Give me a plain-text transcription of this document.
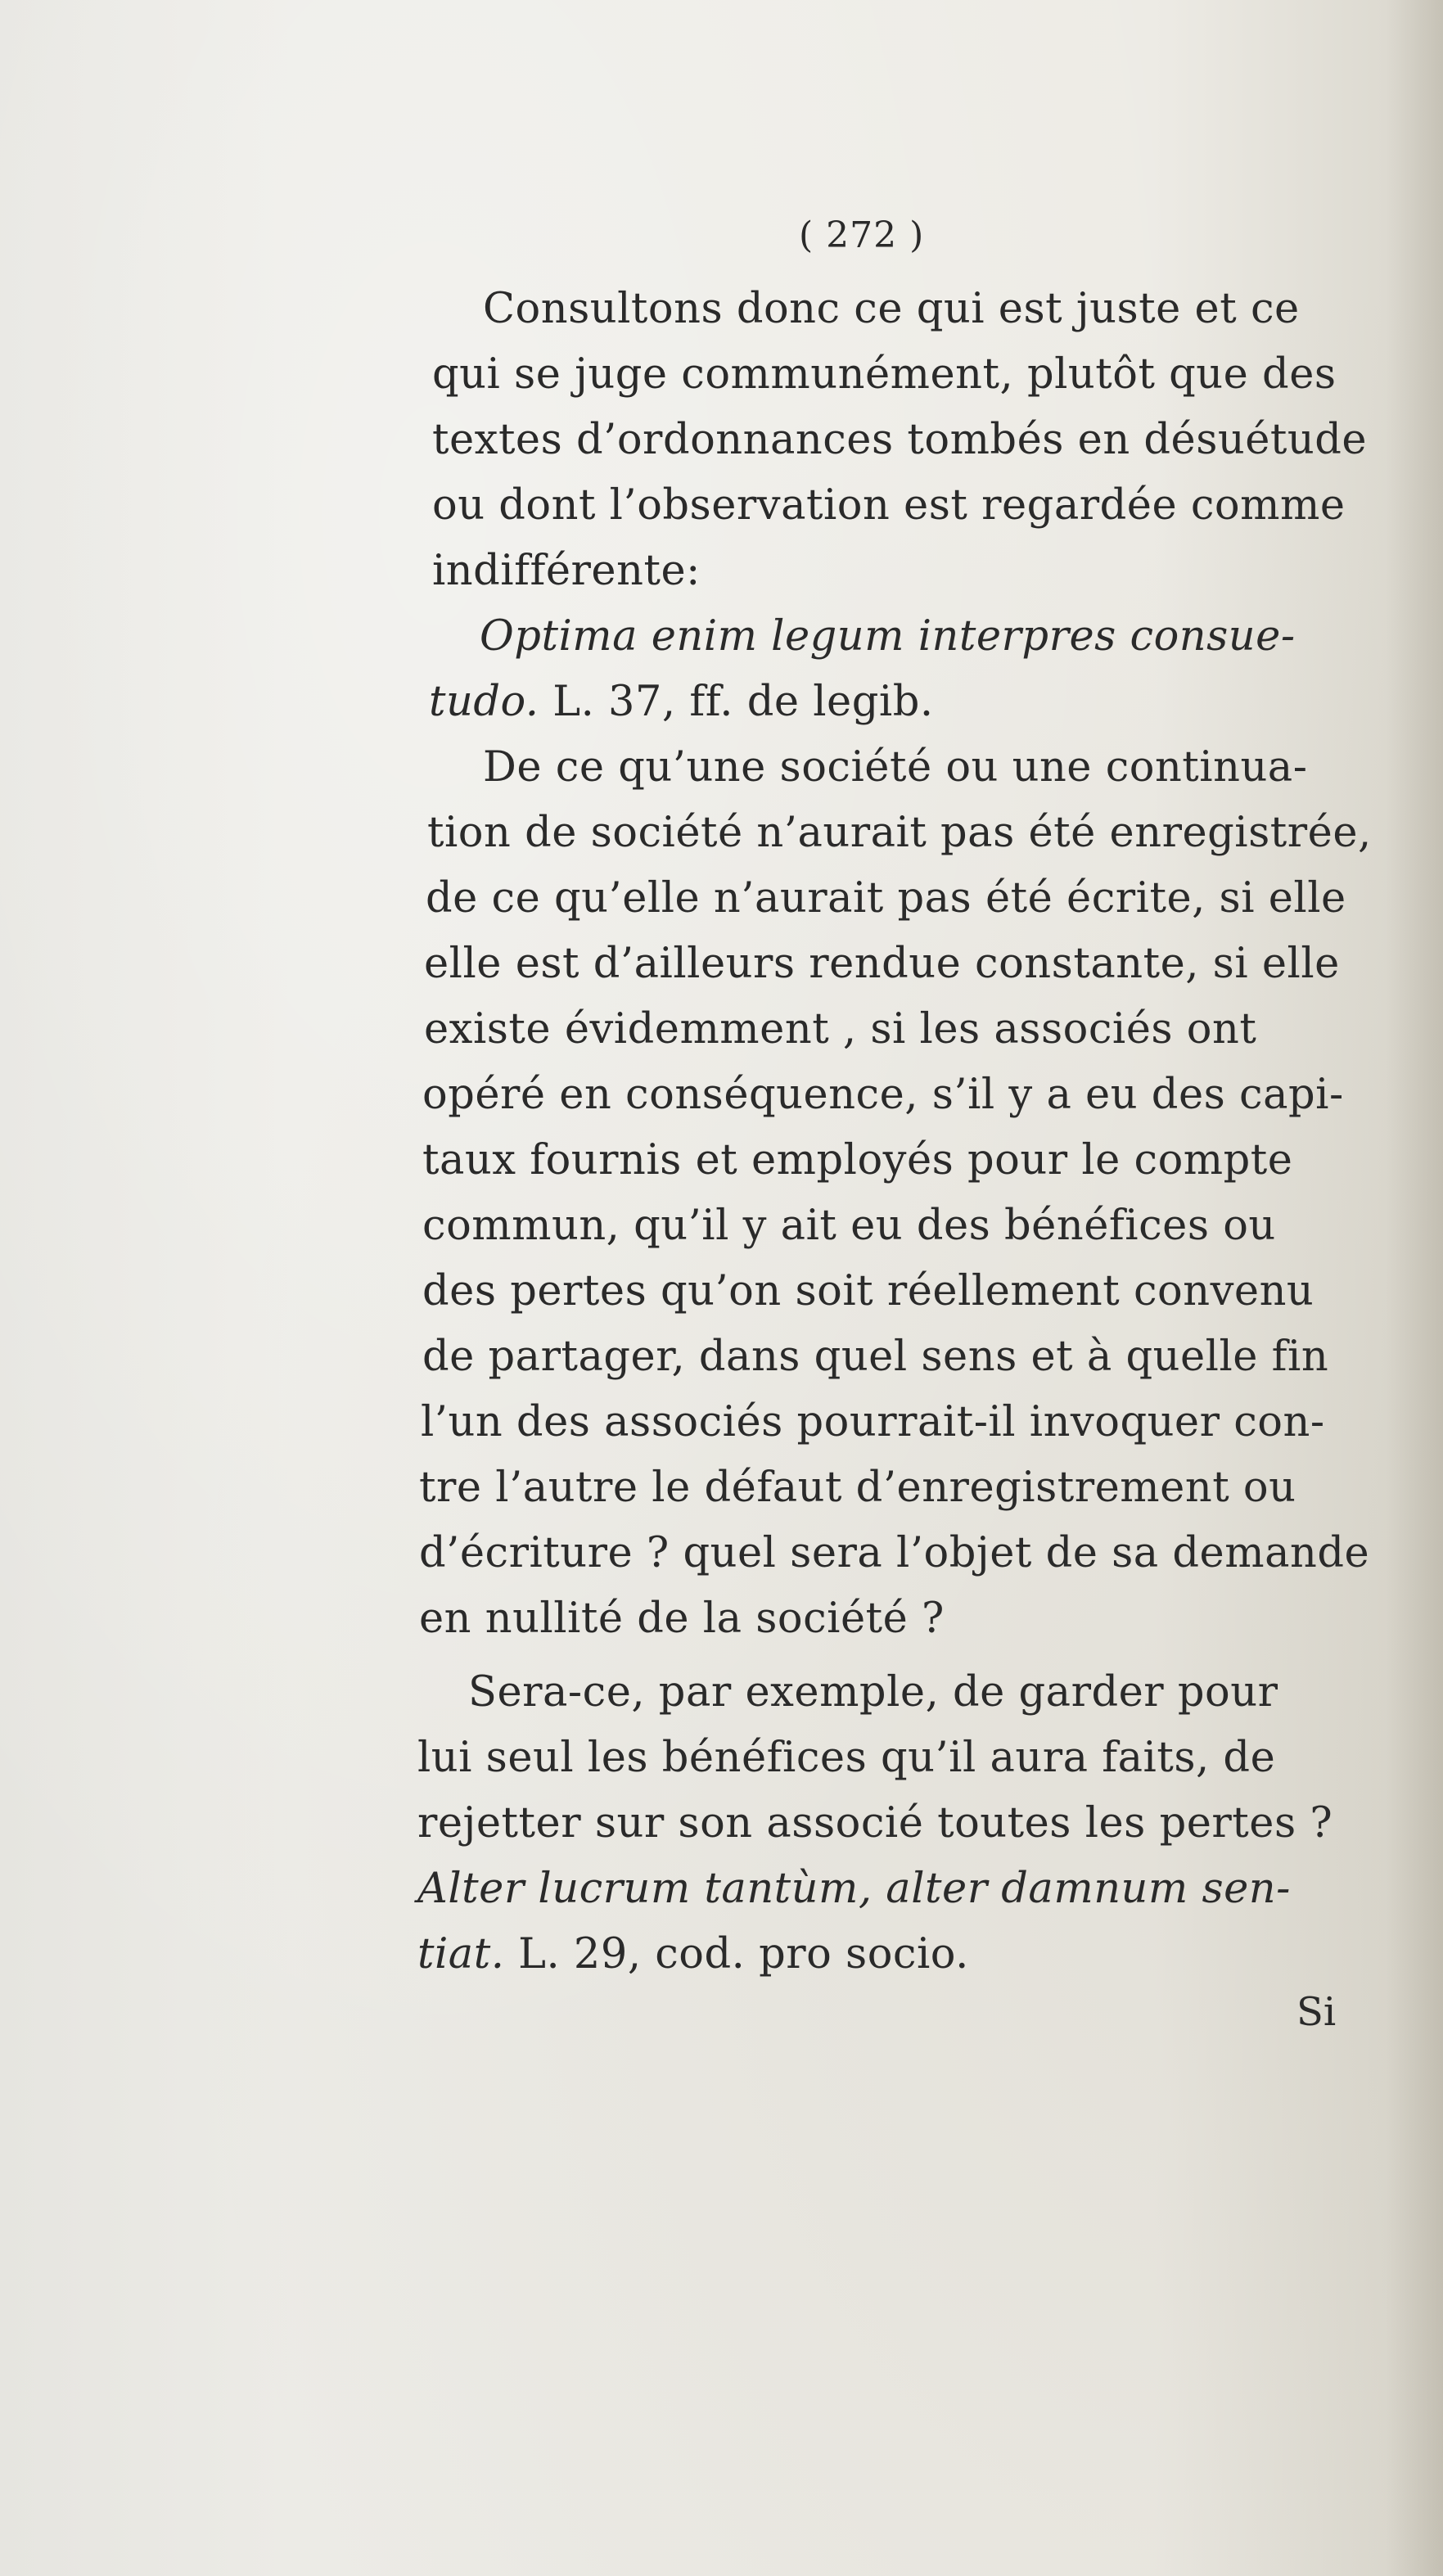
( 272 )
Consultons donc ce qui est juste et ce
qui se juge communément, plutôt que des
textes d’ordonnances tombés en désuétude
ou dont l’observation est regardée comme
indifférente:
Optima enim legum interpres consue-
tudo. L. 37, ff. de legib.
De ce qu’une société ou une continua-
tion de société n’aurait pas été enregistrée,
de ce qu’elle n’aurait pas été écrite, si elle
elle est d’ailleurs rendue constante, si elle
existe évidemment , si les associés ont
opéré en conséquence, s’il y a eu des capi-
taux fournis et employés pour le compte
commun, qu’il y ait eu des bénéfices ou
des pertes qu’on soit réellement convenu
de partager, dans quel sens et à quelle fin
l’un des associés pourrait-il invoquer con-
tre l’autre le défaut d’enregistrement ou
d’écriture ? quel sera l’objet de sa demande
en nullité de la société ?
Sera-ce, par exemple, de garder pour
lui seul les bénéfices qu’il aura faits, de
rejetter sur son associé toutes les pertes ?
Alter lucrum tantùm, alter damnum sen-
tiat. L. 29, cod. pro socio.
Si
